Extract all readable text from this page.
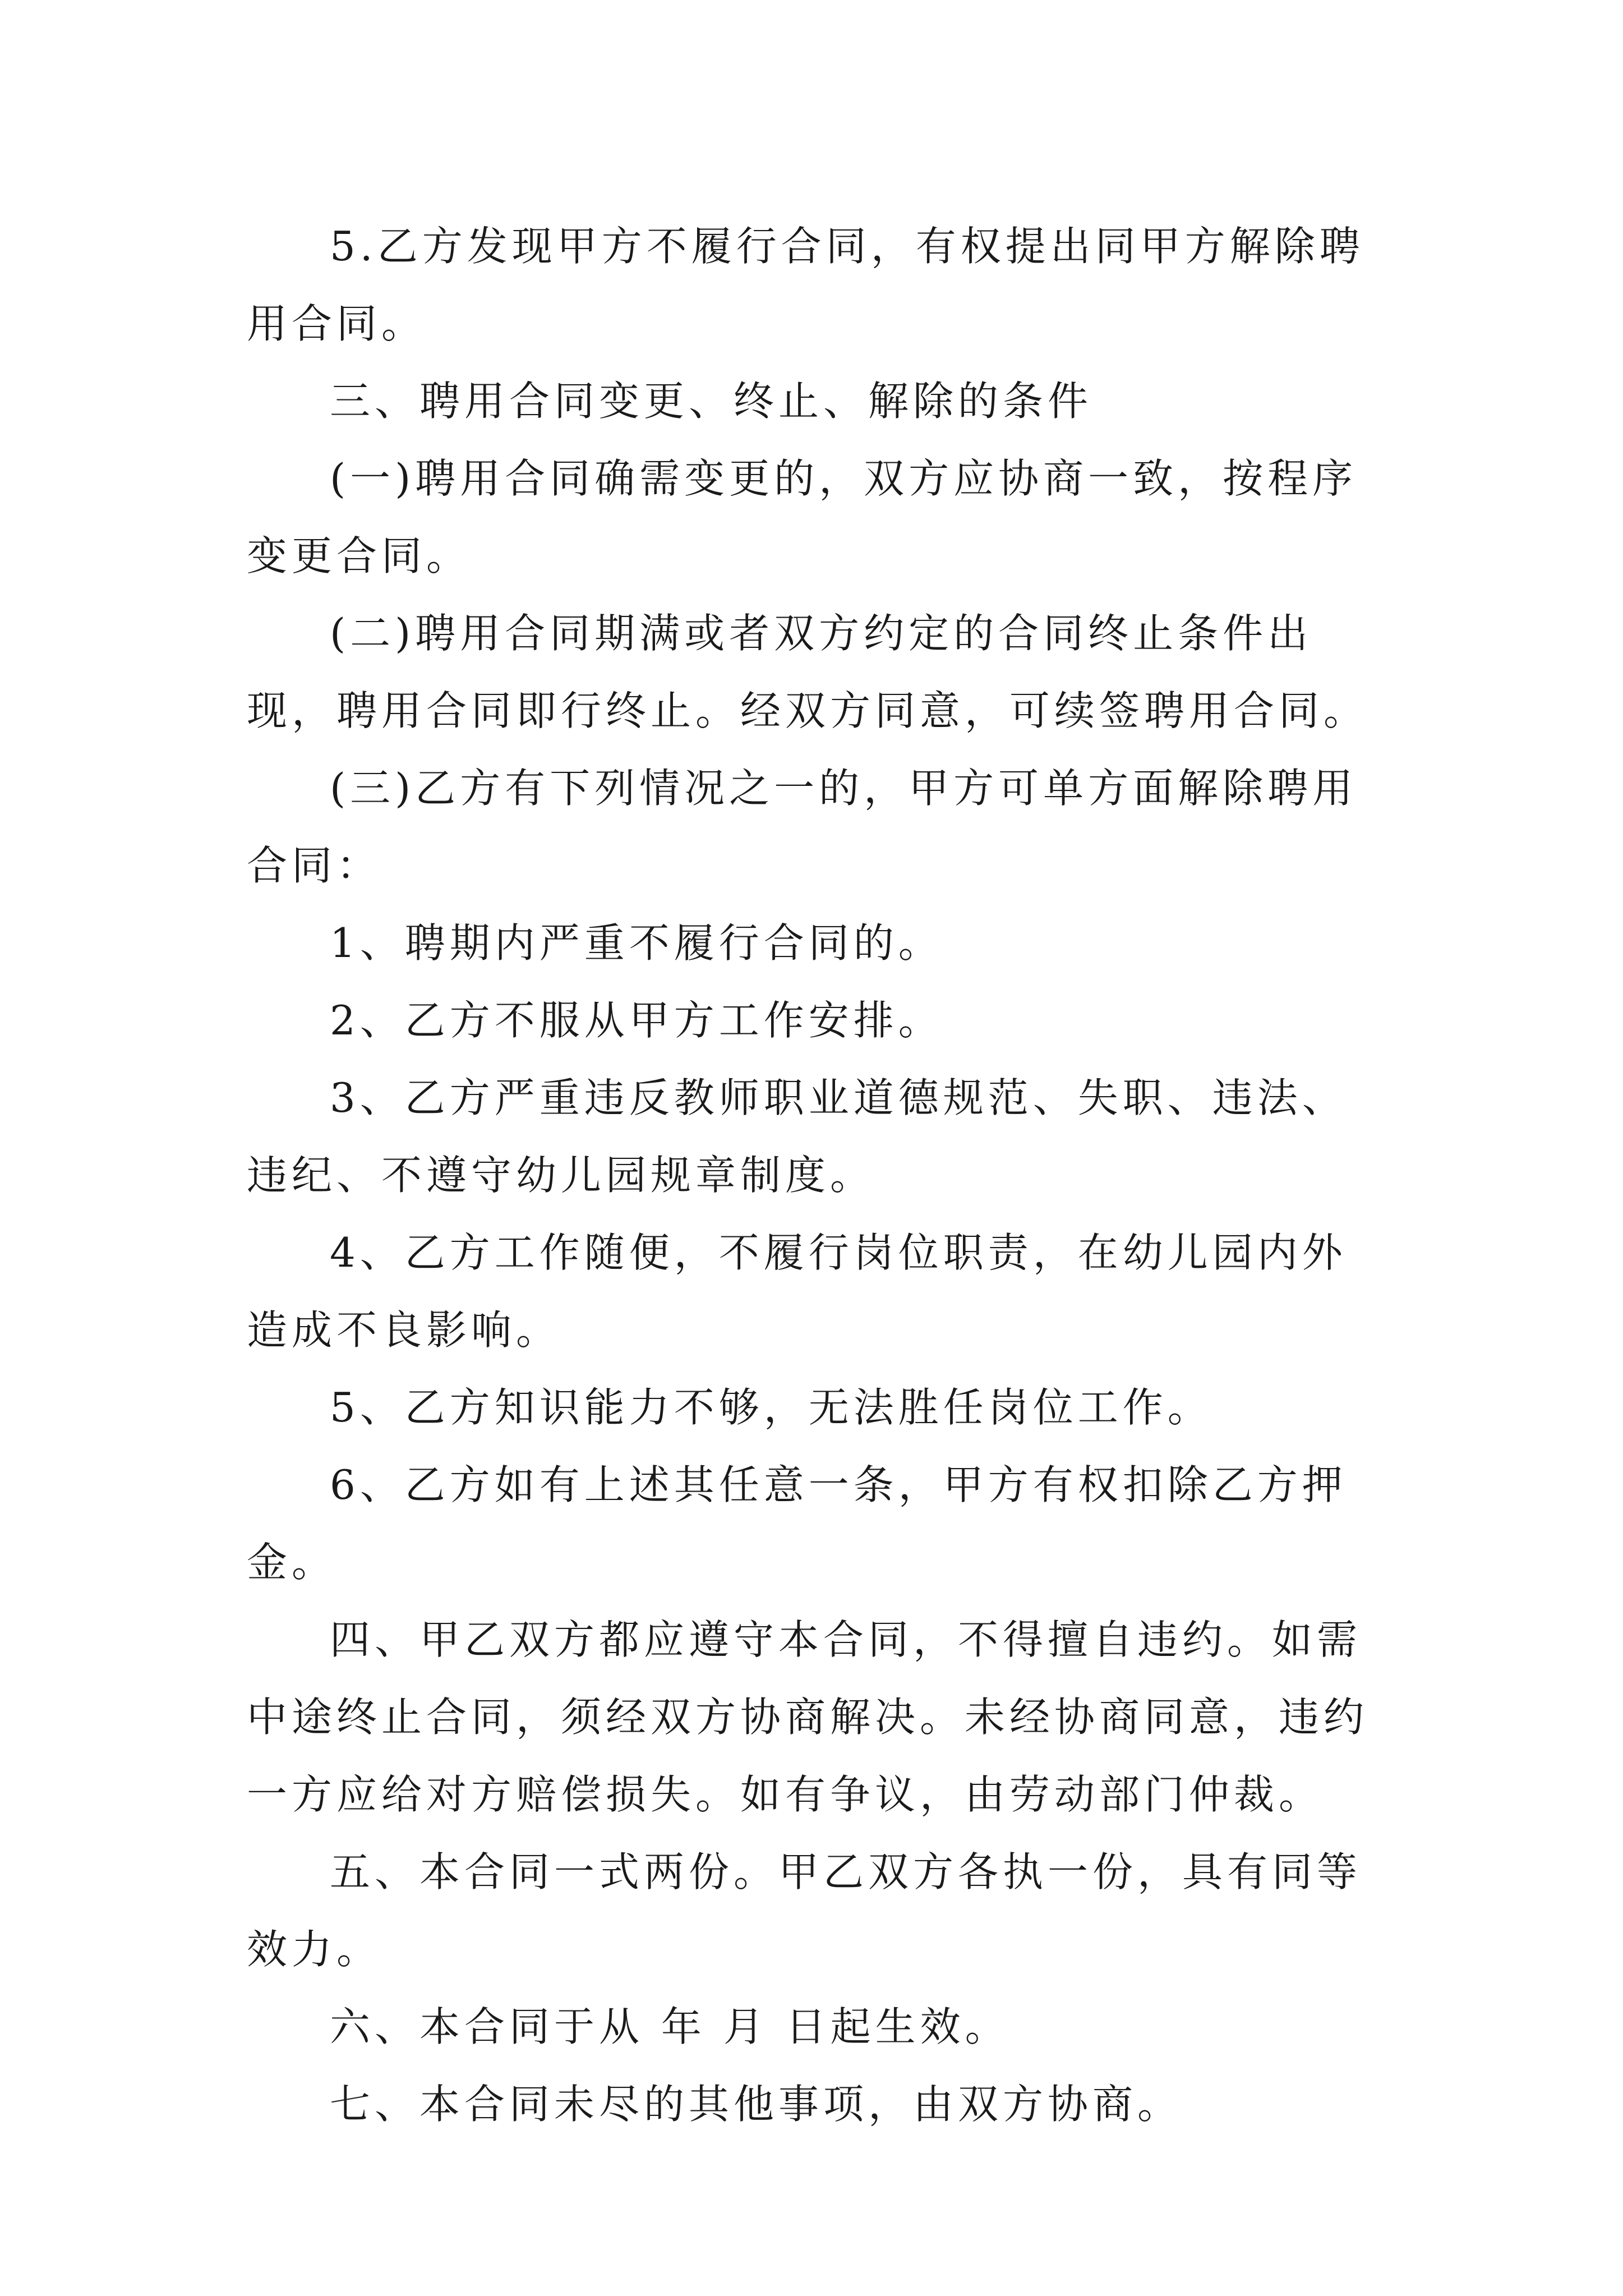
5.乙方发现甲方不履行合同，有权提出同甲方解除聘用合同。

三、聘用合同变更、终止、解除的条件

(一)聘用合同确需变更的，双方应协商一致，按程序变更合同。

(二)聘用合同期满或者双方约定的合同终止条件出现，聘用合同即行终止。经双方同意，可续签聘用合同。

(三)乙方有下列情况之一的，甲方可单方面解除聘用合同：

1、聘期内严重不履行合同的。

2、乙方不服从甲方工作安排。

3、乙方严重违反教师职业道德规范、失职、违法、违纪、不遵守幼儿园规章制度。

4、乙方工作随便，不履行岗位职责，在幼儿园内外造成不良影响。

5、乙方知识能力不够，无法胜任岗位工作。

6、乙方如有上述其任意一条，甲方有权扣除乙方押金。

四、甲乙双方都应遵守本合同，不得擅自违约。如需中途终止合同，须经双方协商解决。未经协商同意，违约一方应给对方赔偿损失。如有争议，由劳动部门仲裁。

五、本合同一式两份。甲乙双方各执一份，具有同等效力。

六、本合同于从 年 月 日起生效。

七、本合同未尽的其他事项，由双方协商。
